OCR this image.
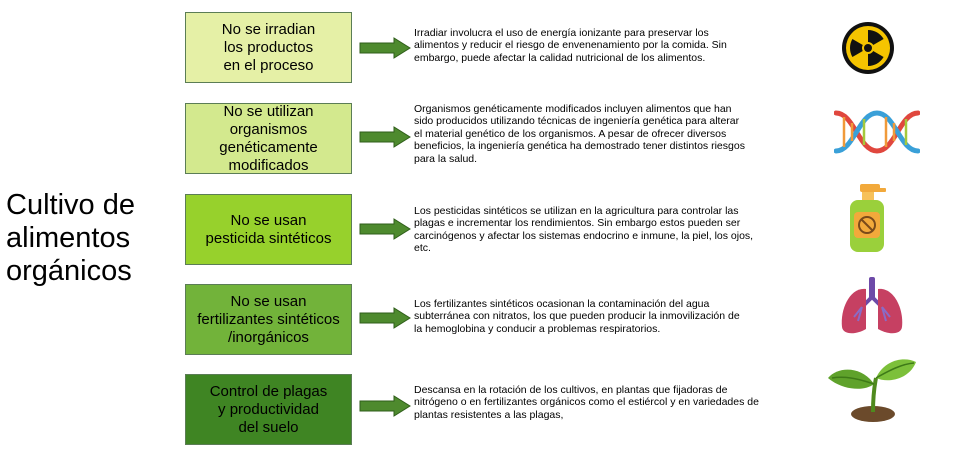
Cultivo de
alimentos
orgánicos
No se irradian
los productos
en el proceso
Irradiar involucra el uso de energía ionizante para preservar los
alimentos y reducir el riesgo de envenenamiento por la comida. Sin
embargo, puede afectar la calidad nutricional de los alimentos.
No se utilizan
organismos
genéticamente
modificados
Organismos genéticamente modificados incluyen alimentos que han
sido producidos utilizando técnicas de ingeniería genética para alterar
el material genético de los organismos. A pesar de ofrecer diversos
beneficios, la ingeniería genética ha demostrado tener distintos riesgos
para la salud.
No se usan
pesticida sintéticos
Los pesticidas sintéticos se utilizan en la agricultura para controlar las
plagas e incrementar los rendimientos. Sin embargo estos pueden ser
carcinógenos y afectar los sistemas endocrino e inmune, la piel, los ojos,
etc.
No se usan
fertilizantes sintéticos
/inorgánicos
Los fertilizantes sintéticos ocasionan la contaminación del agua
subterránea con nitratos, los que pueden producir la inmovilización de
la hemoglobina y conducir a problemas respiratorios.
Control de plagas
y productividad
del suelo
Descansa en la rotación de los cultivos, en plantas que fijadoras de
nitrógeno o en fertilizantes orgánicos como el estiércol y en variedades de
plantas resistentes a las plagas,
